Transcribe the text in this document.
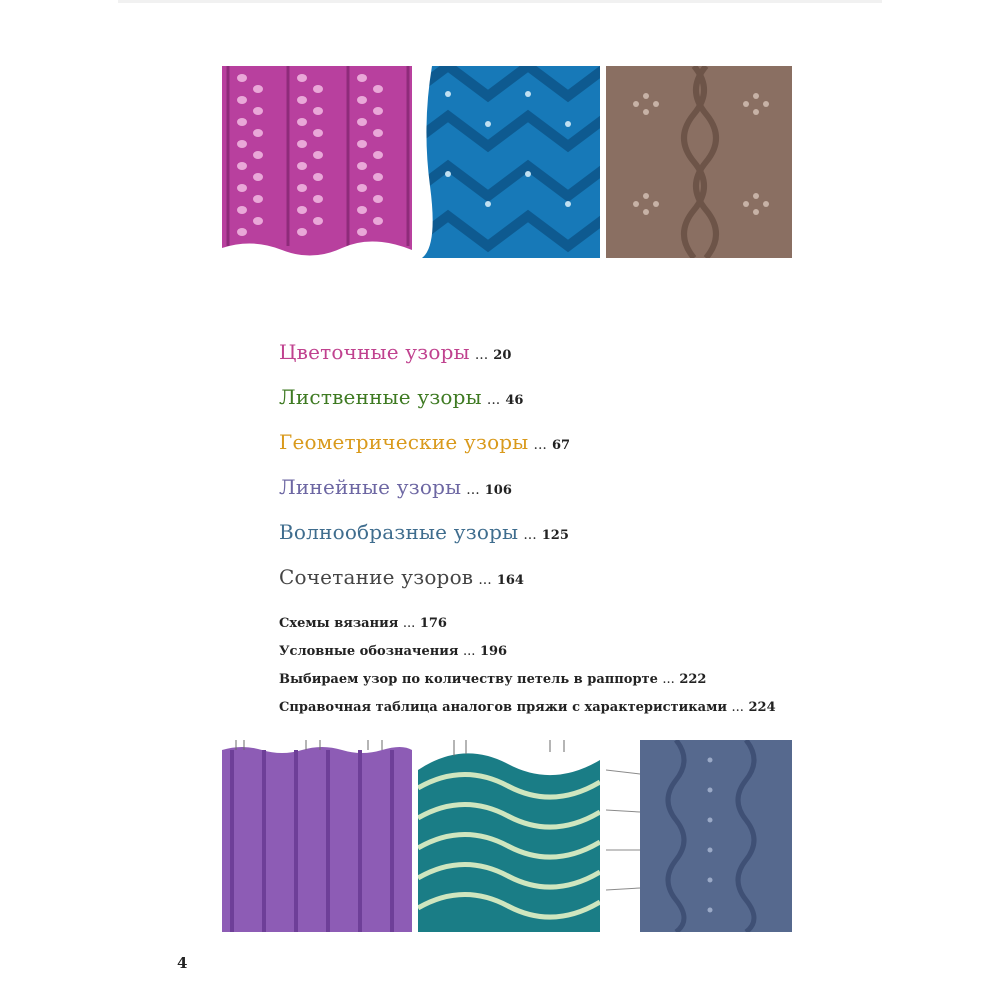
Цветочные узоры ... 20
Лиственные узоры ... 46
Геометрические узоры ... 67
Линейные узоры ... 106
Волнообразные узоры ... 125
Сочетание узоров ... 164
Схемы вязания ... 176
Условные обозначения ... 196
Выбираем узор по количеству петель в раппорте ... 222
Справочная таблица аналогов пряжи с характеристиками ... 224
4
